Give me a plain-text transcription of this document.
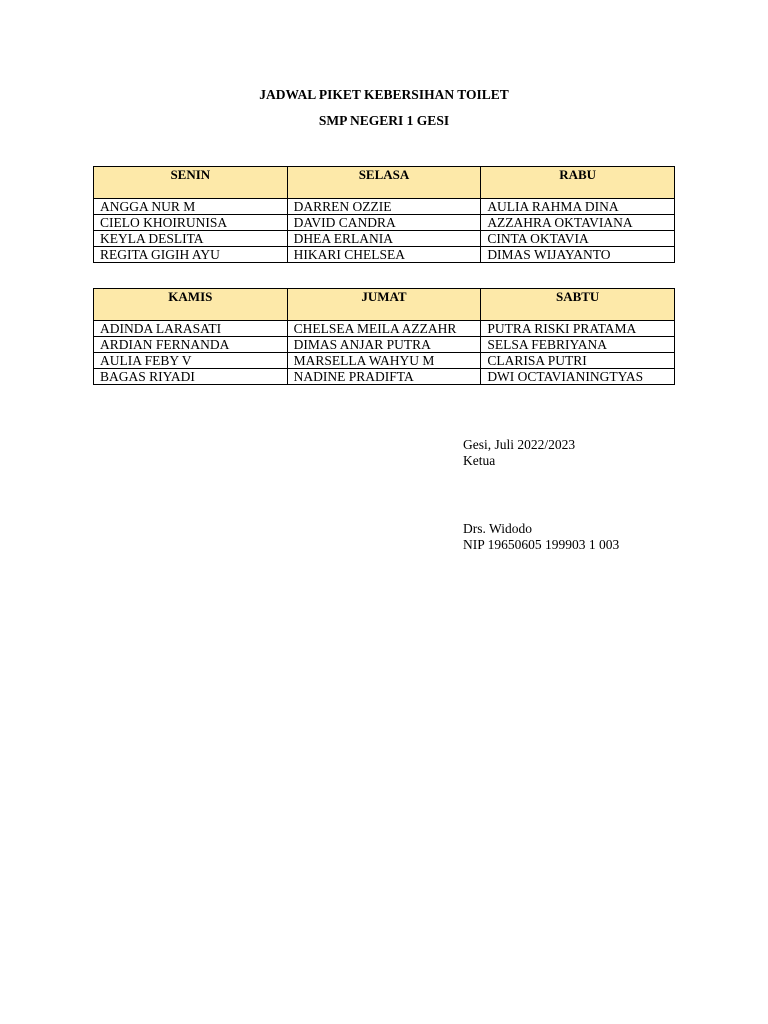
JADWAL PIKET KEBERSIHAN TOILET
SMP NEGERI 1 GESI
SENIN	SELASA	RABU
ANGGA NUR M	DARREN OZZIE	AULIA RAHMA DINA
CIELO KHOIRUNISA	DAVID CANDRA	AZZAHRA OKTAVIANA
KEYLA DESLITA	DHEA ERLANIA	CINTA OKTAVIA
REGITA GIGIH AYU	HIKARI CHELSEA	DIMAS WIJAYANTO
KAMIS	JUMAT	SABTU
ADINDA LARASATI	CHELSEA MEILA AZZAHR	PUTRA RISKI PRATAMA
ARDIAN FERNANDA	DIMAS ANJAR PUTRA	SELSA FEBRIYANA
AULIA FEBY V	MARSELLA WAHYU M	CLARISA PUTRI
BAGAS RIYADI	NADINE PRADIFTA	DWI OCTAVIANINGTYAS
Gesi, Juli 2022/2023
Ketua
Drs. Widodo
NIP 19650605 199903 1 003
